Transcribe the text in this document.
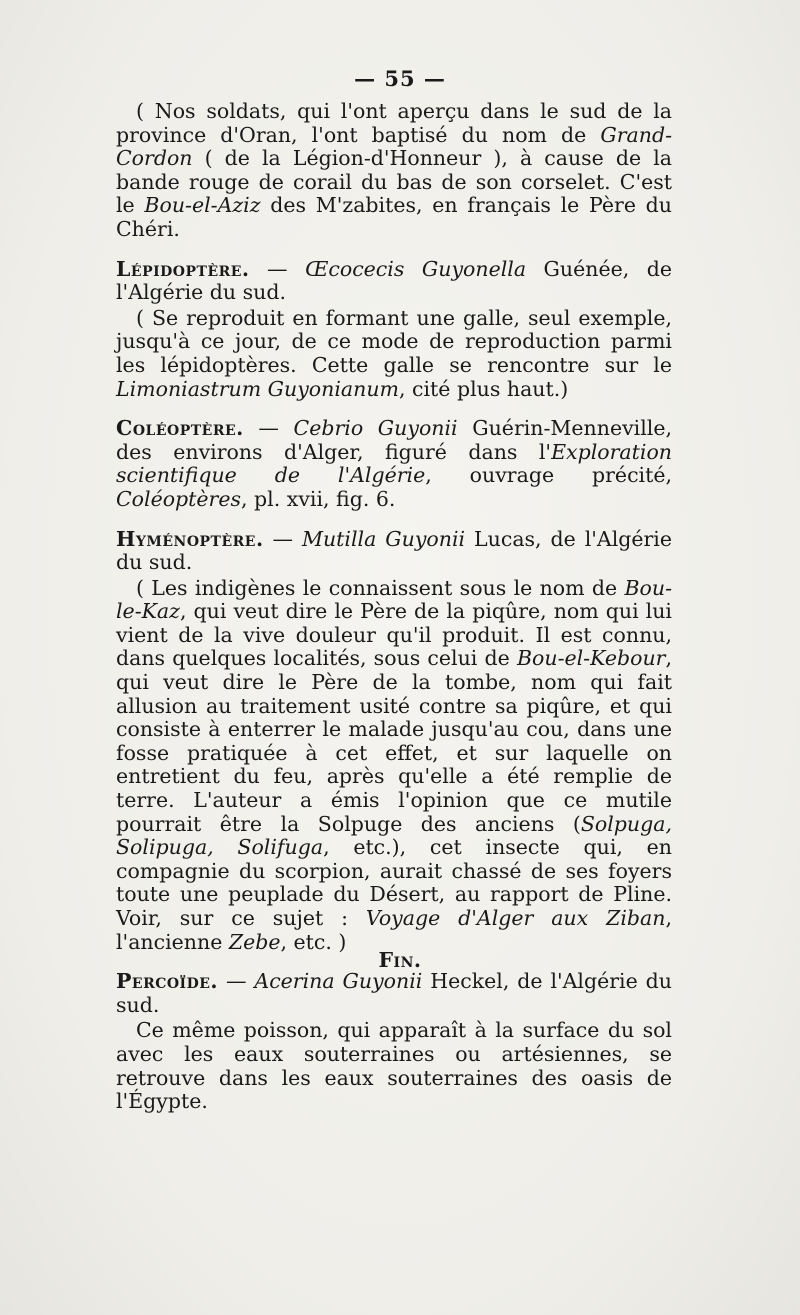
— 55 —

( Nos soldats, qui l'ont aperçu dans le sud de la province d'Oran, l'ont baptisé du nom de Grand-Cordon ( de la Légion-d'Honneur ), à cause de la bande rouge de corail du bas de son corselet. C'est le Bou-el-Aziz des M'zabites, en français le Père du Chéri.

Lépidoptère. — Œcocecis Guyonella Guénée, de l'Algérie du sud.

( Se reproduit en formant une galle, seul exemple, jusqu'à ce jour, de ce mode de reproduction parmi les lépidoptères. Cette galle se rencontre sur le Limoniastrum Guyonianum, cité plus haut.)

Coléoptère. — Cebrio Guyonii Guérin-Menneville, des environs d'Alger, figuré dans l'Exploration scientifique de l'Algérie, ouvrage précité, Coléoptères, pl. xvii, fig. 6.

Hyménoptère. — Mutilla Guyonii Lucas, de l'Algérie du sud.

( Les indigènes le connaissent sous le nom de Bou-le-Kaz, qui veut dire le Père de la piqûre, nom qui lui vient de la vive douleur qu'il produit. Il est connu, dans quelques localités, sous celui de Bou-el-Kebour, qui veut dire le Père de la tombe, nom qui fait allusion au traitement usité contre sa piqûre, et qui consiste à enterrer le malade jusqu'au cou, dans une fosse pratiquée à cet effet, et sur laquelle on entretient du feu, après qu'elle a été remplie de terre. L'auteur a émis l'opinion que ce mutile pourrait être la Solpuge des anciens (Solpuga, Solipuga, Solifuga, etc.), cet insecte qui, en compagnie du scorpion, aurait chassé de ses foyers toute une peuplade du Désert, au rapport de Pline. Voir, sur ce sujet : Voyage d'Alger aux Ziban, l'ancienne Zebe, etc. )

Percoïde. — Acerina Guyonii Heckel, de l'Algérie du sud.

Ce même poisson, qui apparaît à la surface du sol avec les eaux souterraines ou artésiennes, se retrouve dans les eaux souterraines des oasis de l'Égypte.

Fin.
